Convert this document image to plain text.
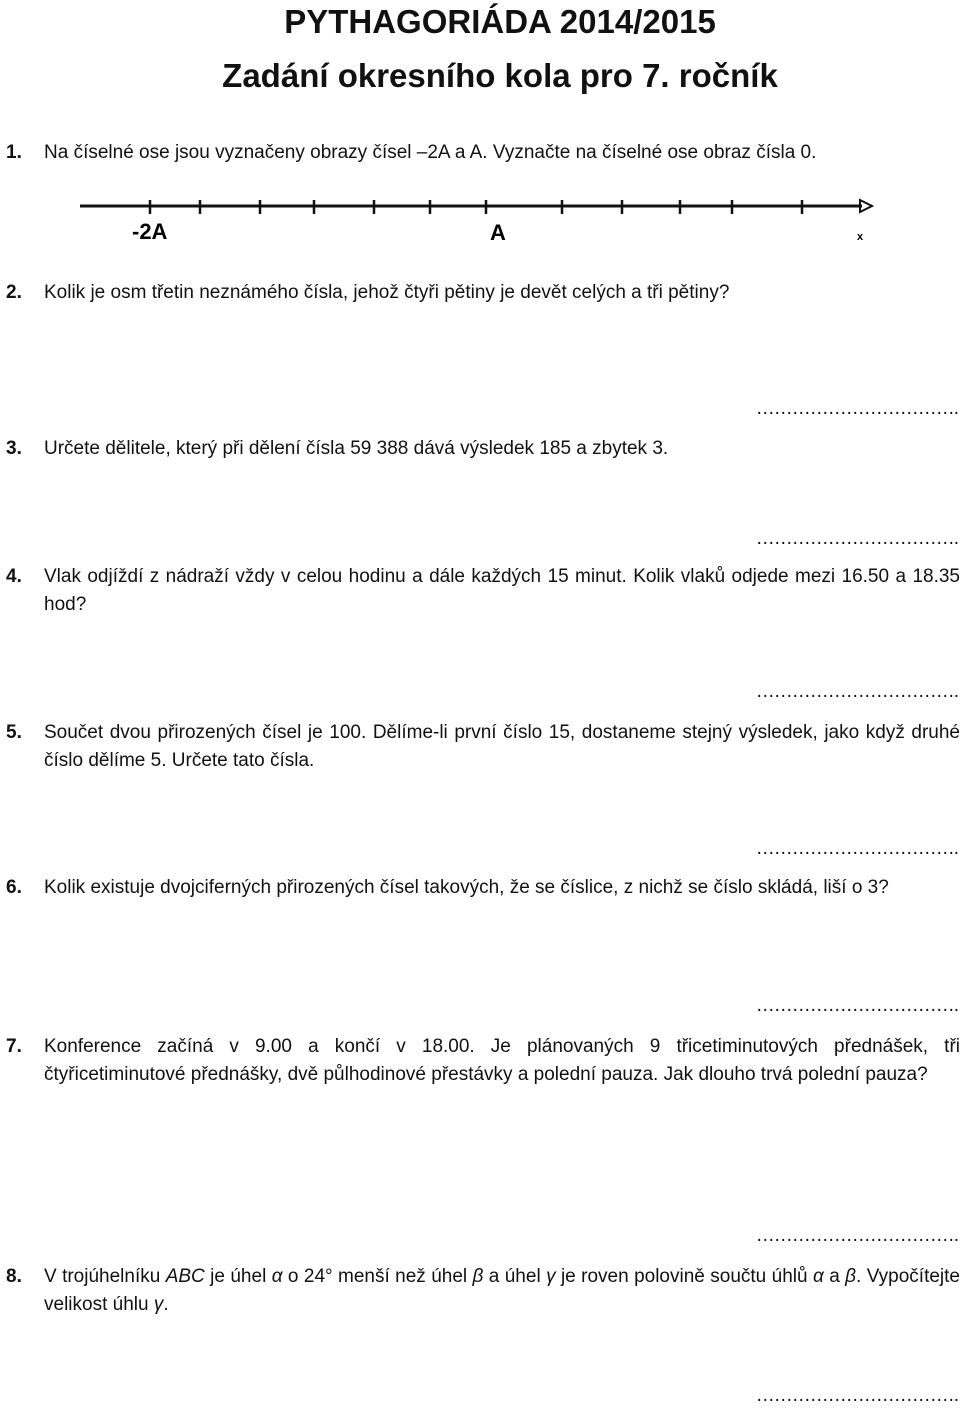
PYTHAGORIÁDA 2014/2015
Zadání okresního kola pro 7. ročník
1. Na číselné ose jsou vyznačeny obrazy čísel –2A a A. Vyznačte na číselné ose obraz čísla 0.
-2A	A	x
2. Kolik je osm třetin neznámého čísla, jehož čtyři pětiny je devět celých a tři pětiny?
…………………………….
3. Určete dělitele, který při dělení čísla 59 388 dává výsledek 185 a zbytek 3.
…………………………….
4. Vlak odjíždí z nádraží vždy v celou hodinu a dále každých 15 minut. Kolik vlaků odjede mezi 16.50 a 18.35 hod?
…………………………….
5. Součet dvou přirozených čísel je 100. Dělíme-li první číslo 15, dostaneme stejný výsledek, jako když druhé číslo dělíme 5. Určete tato čísla.
…………………………….
6. Kolik existuje dvojciferných přirozených čísel takových, že se číslice, z nichž se číslo skládá, liší o 3?
…………………………….
7. Konference začíná v 9.00 a končí v 18.00. Je plánovaných 9 třicetiminutových přednášek, tři čtyřicetiminutové přednášky, dvě půlhodinové přestávky a polední pauza. Jak dlouho trvá polední pauza?
…………………………….
8. V trojúhelníku ABC je úhel α o 24° menší než úhel β a úhel γ je roven polovině součtu úhlů α a β. Vypočítejte velikost úhlu γ.
…………………………….
